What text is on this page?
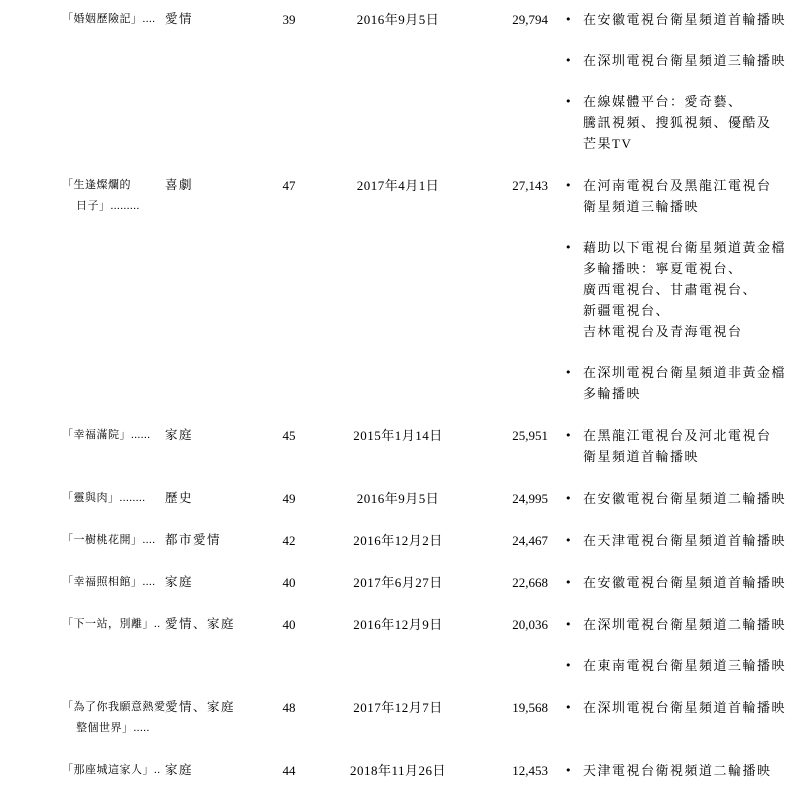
「婚姻歷險記」.... 愛情	39	2016年9月5日	29,794 • 在安徽電視台衛星頻道首輪播映
• 在深圳電視台衛星頻道三輪播映
• 在線媒體平台：愛奇藝、
騰訊視頻、搜狐視頻、優酷及
芒果TV
「生逢燦爛的
日子」.........
喜劇	47	2017年4月1日	27,143 • 在河南電視台及黑龍江電視台
衛星頻道三輪播映
• 藉助以下電視台衛星頻道黃金檔
多輪播映：寧夏電視台、
廣西電視台、甘肅電視台、
新疆電視台、
吉林電視台及青海電視台
• 在深圳電視台衛星頻道非黃金檔
多輪播映
「幸福滿院」......	家庭	45	2015年1月14日	25,951 • 在黑龍江電視台及河北電視台
衛星頻道首輪播映
「靈與肉」........	歷史	49	2016年9月5日	24,995 • 在安徽電視台衛星頻道二輪播映
「一樹桃花開」.... 都市愛情	42	2016年12月2日	24,467 • 在天津電視台衛星頻道首輪播映
「幸福照相館」.... 家庭	40	2017年6月27日	22,668 • 在安徽電視台衛星頻道首輪播映
「下一站，別離」.. 愛情、家庭	40	2016年12月9日	20,036 • 在深圳電視台衛星頻道二輪播映
• 在東南電視台衛星頻道三輪播映
「為了你我願意熱愛
整個世界」.....
愛情、家庭	48	2017年12月7日	19,568 • 在深圳電視台衛星頻道首輪播映
「那座城這家人」.. 家庭	44	2018年11月26日	12,453 • 天津電視台衛視頻道二輪播映
